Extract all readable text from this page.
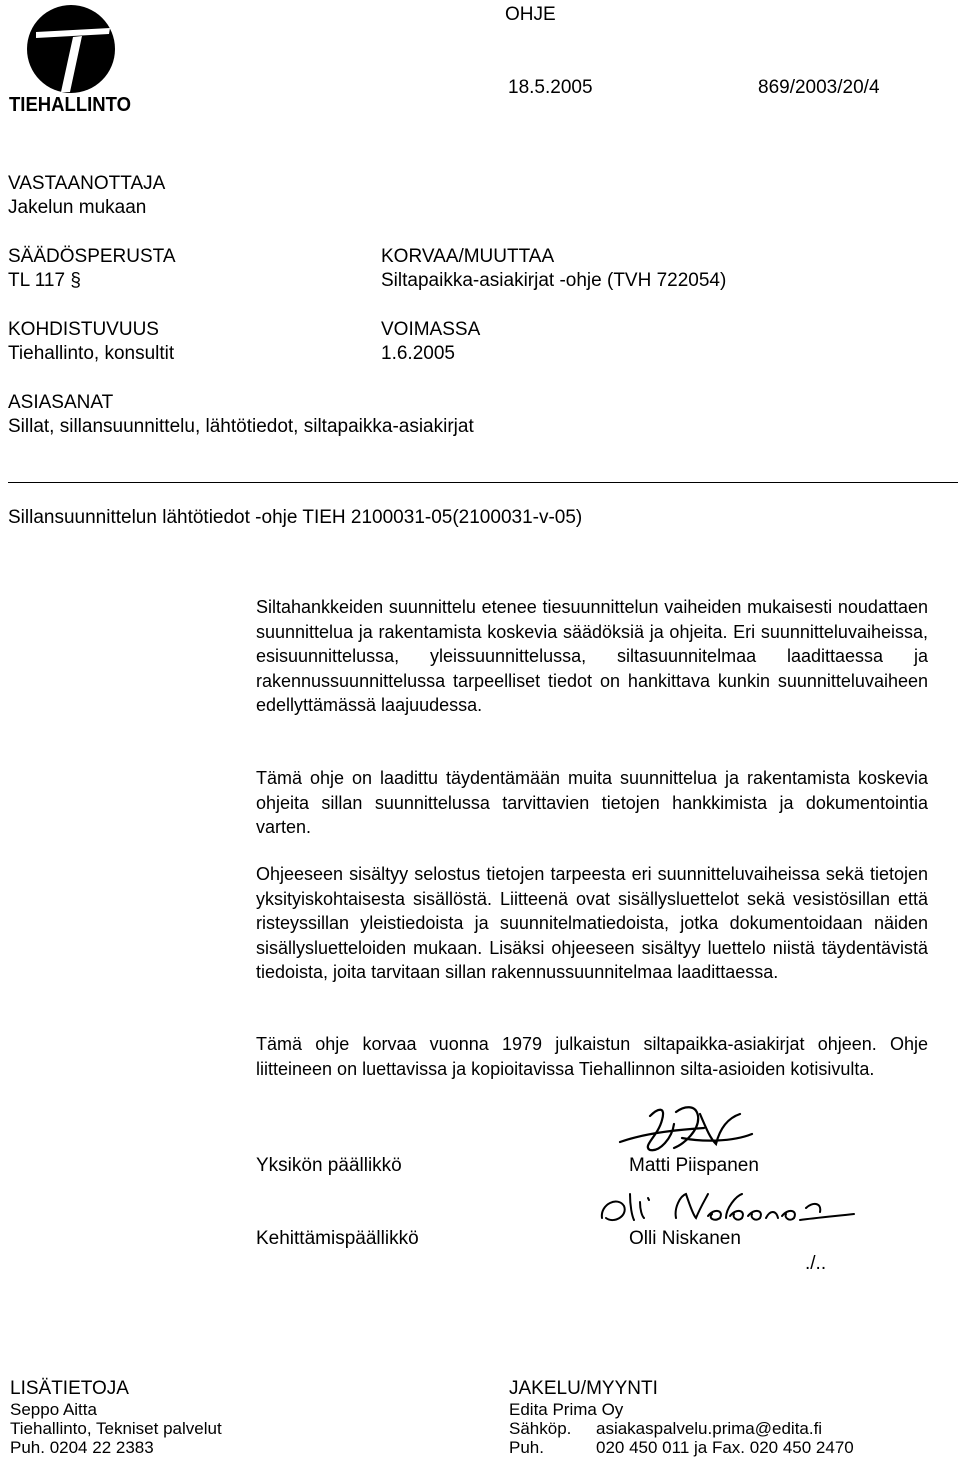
TIEHALLINTO
OHJE
18.5.2005	869/2003/20/4
VASTAANOTTAJA
Jakelun mukaan
SÄÄDÖSPERUSTA
TL 117 §
KORVAA/MUUTTAA
Siltapaikka-asiakirjat -ohje (TVH 722054)
KOHDISTUVUUS
Tiehallinto, konsultit
VOIMASSA
1.6.2005
ASIASANAT
Sillat, sillansuunnittelu, lähtötiedot, siltapaikka-asiakirjat
Sillansuunnittelun lähtötiedot -ohje TIEH 2100031-05(2100031-v-05)
Siltahankkeiden suunnittelu etenee tiesuunnittelun vaiheiden mukaisesti noudattaen suunnittelua ja rakentamista koskevia säädöksiä ja ohjeita. Eri suunnitteluvaiheissa, esisuunnittelussa, yleissuunnittelussa, siltasuunnitelmaa laadittaessa ja rakennussuunnittelussa tarpeelliset tiedot on hankittava kunkin suunnitteluvaiheen edellyttämässä laajuudessa.
Tämä ohje on laadittu täydentämään muita suunnittelua ja rakentamista koskevia ohjeita sillan suunnittelussa tarvittavien tietojen hankkimista ja dokumentointia varten.
Ohjeeseen sisältyy selostus tietojen tarpeesta eri suunnitteluvaiheissa sekä tietojen yksityiskohtaisesta sisällöstä. Liitteenä ovat sisällysluettelot sekä vesistösillan että risteyssillan yleistiedoista ja suunnitelmatiedoista, jotka dokumentoidaan näiden sisällysluetteloiden mukaan. Lisäksi ohjeeseen sisältyy luettelo niistä täydentävistä tiedoista, joita tarvitaan sillan rakennussuunnitelmaa laadittaessa.
Tämä ohje korvaa vuonna 1979 julkaistun siltapaikka-asiakirjat ohjeen. Ohje liitteineen on luettavissa ja kopioitavissa Tiehallinnon silta-asioiden kotisivulta.
Yksikön päällikkö	Matti Piispanen
Kehittämispäällikkö	Olli Niskanen
./..
LISÄTIETOJA
Seppo Aitta
Tiehallinto, Tekniset palvelut
Puh. 0204 22 2383
JAKELU/MYYNTI
Edita Prima Oy
Sähköp. asiakaspalvelu.prima@edita.fi
Puh.	020 450 011 ja Fax. 020 450 2470
